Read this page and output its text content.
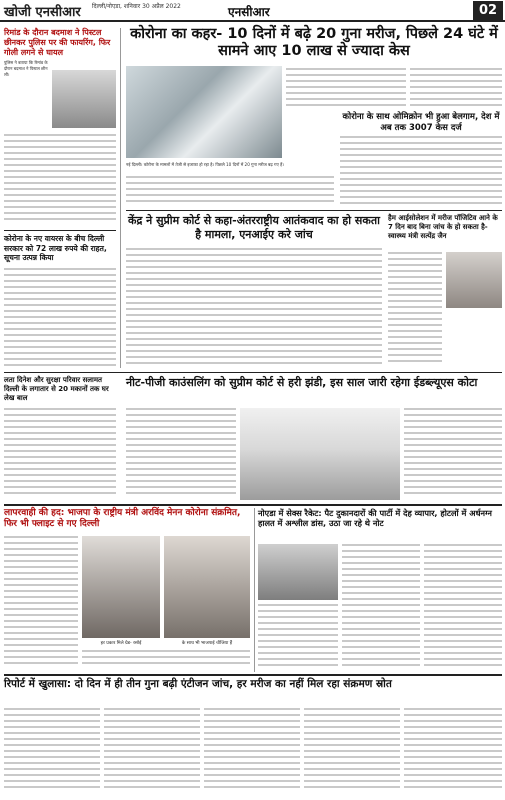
खोजी एनसीआर दिल्ली/नोएडा, शनिवार 30 अप्रैल 2022	एनसीआर	02
रिमांड के दौरान बदमाश ने पिस्टल छीनकर पुलिस पर की फायरिंग, फिर गोली लगने से घायल
पुलिस ने बताया कि रिमांड के दौरान बदमाश ने पिस्टल छीन ली।
कोरोना के नए वायरस के बीच दिल्ली सरकार को 72 लाख रुपये की राहत, सूचना उत्पन्न किया
कोरोना का कहर- 10 दिनों में बढ़े 20 गुना मरीज, पिछले 24 घंटे में सामने आए 10 लाख से ज्यादा केस
कोरोना के साथ ओमिक्रोन भी हुआ बेलगाम, देश में अब तक 3007 केस दर्ज
नई दिल्ली। कोरोना के मामलों में तेजी से इजाफा हो रहा है। पिछले 10 दिनों में 20 गुना मरीज बढ़ गए हैं।
केंद्र ने सुप्रीम कोर्ट से कहा-अंतरराष्ट्रीय आतंकवाद का हो सकता है मामला, एनआईए करे जांच
हैम आईसोलेशन में मरीज पॉजिटिव आने के 7 दिन बाद बिना जांच के हो सकता है- स्वास्थ्य मंत्री सत्येंद्र जैन
लता दिनेश और सुरक्षा परिवार सलामत दिल्ली के लगातार से 20 मकानों तक घर लेख बाल
नीट-पीजी काउंसलिंग को सुप्रीम कोर्ट से हरी झंडी, इस साल जारी रहेगा ईडब्ल्यूएस कोटा
लापरवाही की हद: भाजपा के राष्ट्रीय मंत्री अरविंद मेनन कोरोना संक्रमित, फिर भी फ्लाइट से गए दिल्ली
हर प्रकार मिले ग्रेड- रसोई	के साथ भी भाजपाई चीजिया हैं
नोएडा में सेक्स रैकेट: पैट दुकानदारों की पार्टी में देह व्यापार, होटलों में अर्धनग्न हालत में अश्लील डांस, उठा जा रहे थे नोट
रिपोर्ट में खुलासा: दो दिन में ही तीन गुना बढ़ी एंटीजन जांच, हर मरीज का नहीं मिल रहा संक्रमण स्रोत
